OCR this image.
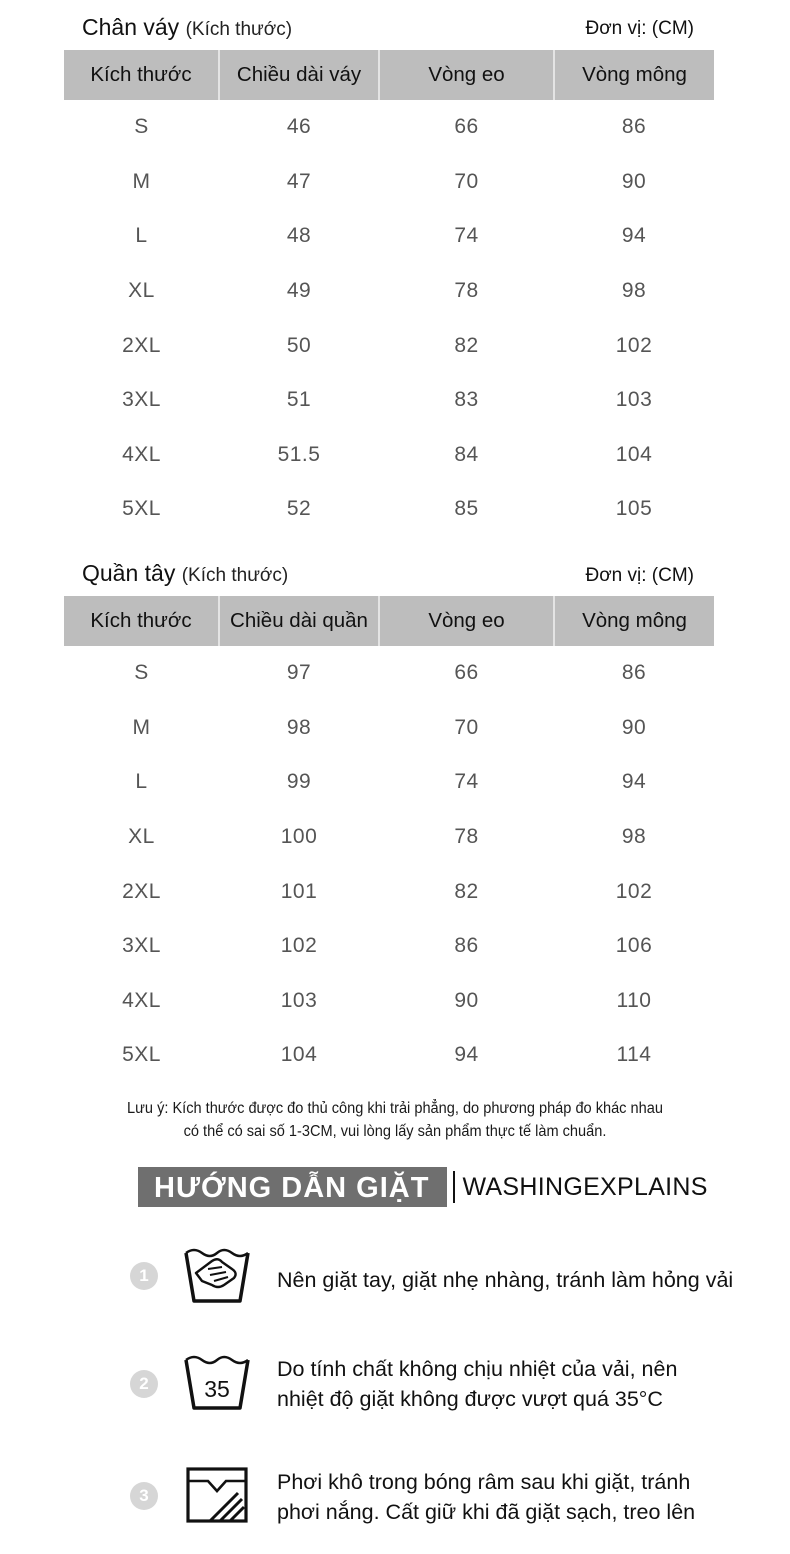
Chân váy (Kích thước)	Đơn vị: (CM)
Kích thước	Chiều dài váy	Vòng eo	Vòng mông
S	46	66	86
M	47	70	90
L	48	74	94
XL	49	78	98
2XL	50	82	102
3XL	51	83	103
4XL	51.5	84	104
5XL	52	85	105
Quần tây (Kích thước)	Đơn vị: (CM)
Kích thước	Chiều dài quần	Vòng eo	Vòng mông
S	97	66	86
M	98	70	90
L	99	74	94
XL	100	78	98
2XL	101	82	102
3XL	102	86	106
4XL	103	90	110
5XL	104	94	114
Lưu ý: Kích thước được đo thủ công khi trải phẳng, do phương pháp đo khác nhau
có thể có sai số 1-3CM, vui lòng lấy sản phẩm thực tế làm chuẩn.
HƯỚNG DẪN GIẶT	WASHINGEXPLAINS
1	Nên giặt tay, giặt nhẹ nhàng, tránh làm hỏng vải
2	35
Do tính chất không chịu nhiệt của vải, nên
nhiệt độ giặt không được vượt quá 35°C
3
Phơi khô trong bóng râm sau khi giặt, tránh
phơi nắng. Cất giữ khi đã giặt sạch, treo lên
